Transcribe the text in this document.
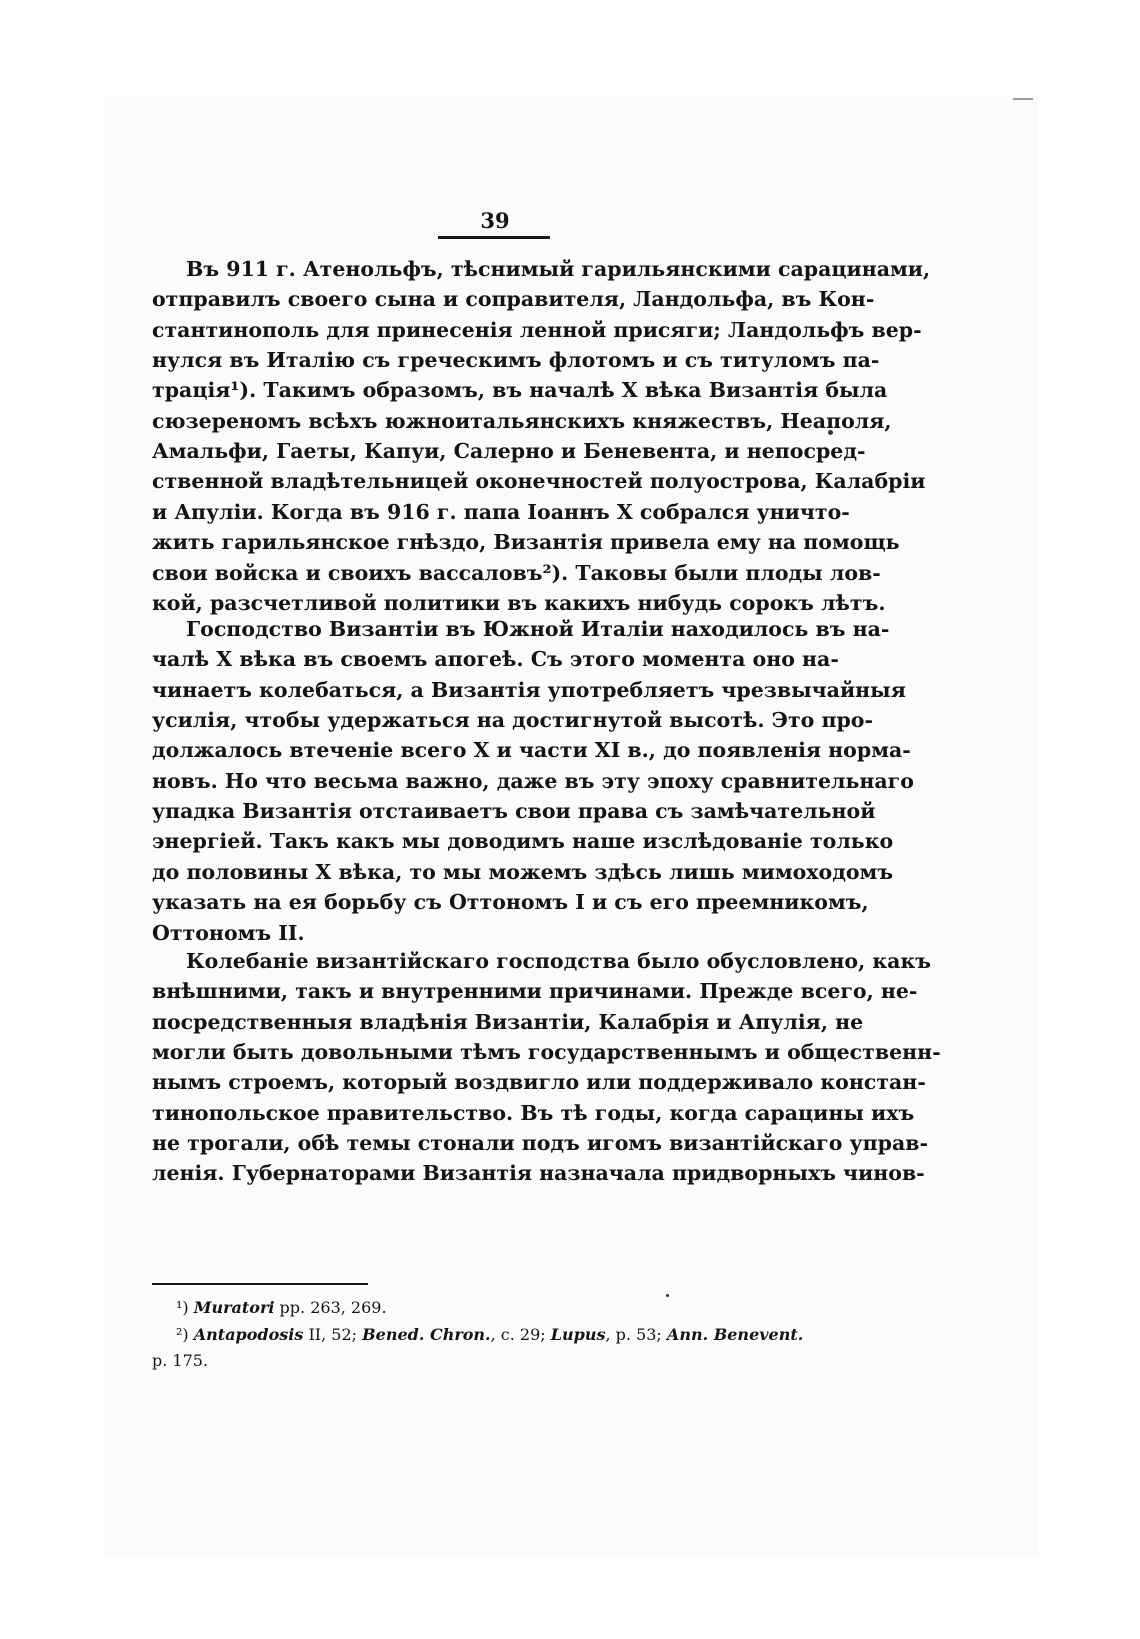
39
Въ 911 г. Атенольфъ, тѣснимый гарильянскими сарацинами,
отправилъ своего сына и соправителя, Ландольфа, въ Кон-
стантинополь для принесенія ленной присяги; Ландольфъ вер-
нулся въ Италію съ греческимъ флотомъ и съ титуломъ па-
трація¹). Такимъ образомъ, въ началѣ X вѣка Византія была
сюзереномъ всѣхъ южноитальянскихъ княжествъ, Неаполя,
Амальфи, Гаеты, Капуи, Салерно и Беневента, и непосред-
ственной владѣтельницей оконечностей полуострова, Калабріи
и Апуліи. Когда въ 916 г. папа Іоаннъ X собрался уничто-
жить гарильянское гнѣздо, Византія привела ему на помощь
свои войска и своихъ вассаловъ²). Таковы были плоды лов-
кой, разсчетливой политики въ какихъ нибудь сорокъ лѣтъ.
Господство Византіи въ Южной Италіи находилось въ на-
чалѣ X вѣка въ своемъ апогеѣ. Съ этого момента оно на-
чинаетъ колебаться, а Византія употребляетъ чрезвычайныя
усилія, чтобы удержаться на достигнутой высотѣ. Это про-
должалось втеченіе всего X и части XI в., до появленія норма-
новъ. Но что весьма важно, даже въ эту эпоху сравнительнаго
упадка Византія отстаиваетъ свои права съ замѣчательной
энергіей. Такъ какъ мы доводимъ наше изслѣдованіе только
до половины X вѣка, то мы можемъ здѣсь лишь мимоходомъ
указать на ея борьбу съ Оттономъ I и съ его преемникомъ,
Оттономъ II.
Колебаніе византійскаго господства было обусловлено, какъ
внѣшними, такъ и внутренними причинами. Прежде всего, не-
посредственныя владѣнія Византіи, Калабрія и Апулія, не
могли быть довольными тѣмъ государственнымъ и общественн-
нымъ строемъ, который воздвигло или поддерживало констан-
тинопольское правительство. Въ тѣ годы, когда сарацины ихъ
не трогали, обѣ темы стонали подъ игомъ византійскаго управ-
ленія. Губернаторами Византія назначала придворныхъ чинов-
¹) Muratori pp. 263, 269.
²) Antapodosis II, 52; Bened. Chron., c. 29; Lupus, p. 53; Ann. Benevent.
p. 175.
